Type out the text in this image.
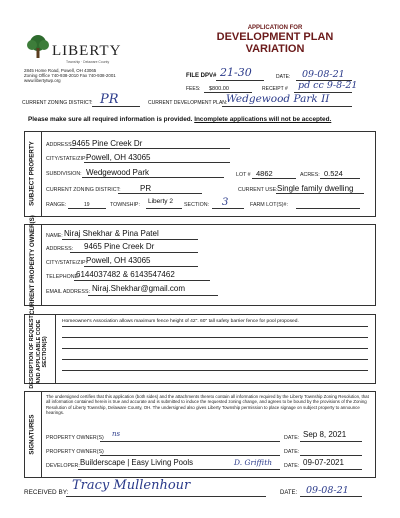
LIBERTY
Township · Delaware County
2845 Home Road, Powell, OH 43065
Zoning Office 740-938-2010 Fax 740-938-2001
www.libertytwp.org
APPLICATION FOR
DEVELOPMENT PLAN
VARIATION
FILE DPV# 21-30	DATE: 09-08-21
FEES: $800.00	RECEIPT # pd cc 9-8-21
CURRENT ZONING DISTRICT: PR	CURRENT DEVELOPMENT PLAN:
Wedgewood Park II
Please make sure all required information is provided. Incomplete applications will not be accepted.
SUBJECT PROPERTY ADDRESS:
9465 Pine Creek Dr
CITY/STATE/ZIP:
Powell, OH 43065
SUBDIVISION: Wedgewood Park	LOT # 4862	ACRES: 0.524
CURRENT ZONING DISTRICT: PR	CURRENT USE: Single family dwelling
RANGE:	19	TOWNSHIP: Liberty 2 SECTION: 3	FARM LOT(S)#:
CURRENT PROPERTY OWNER(S) NAME: Niraj Shekhar & Pina Patel
ADDRESS: 9465 Pine Creek Dr
CITY/STATE/ZIP:
Powell, OH 43065
TELEPHONE:
6144037482 & 6143547462
EMAIL ADDRESS: Niraj.Shekhar@gmail.com
DESCRIPTION OF REQUEST AND APPLICABLE CODE SECTION(S)
Homeowner's Association allows maximum fence height of 42". 60" tall safety barrier fence for pool proposed.
SIGNATURES
The undersigned certifies that this application (both sides) and the attachments thereto contain all information required by the Liberty Township Zoning Resolution, that all information contained herein is true and accurate and is submitted to induce the requested zoning change, and agrees to be bound by the provisions of the Zoning Resolution of Liberty Township, Delaware County, OH. The undersigned also gives Liberty Township permission to place signage on subject property to announce hearings.
PROPERTY OWNER(S) ns	DATE: Sep 8, 2021
PROPERTY OWNER(S)	DATE:
DEVELOPER: Builderscape | Easy Living Pools	D. Griffith DATE: 09-07-2021
RECEIVED BY: Tracy Mullenhour	DATE: 09-08-21
